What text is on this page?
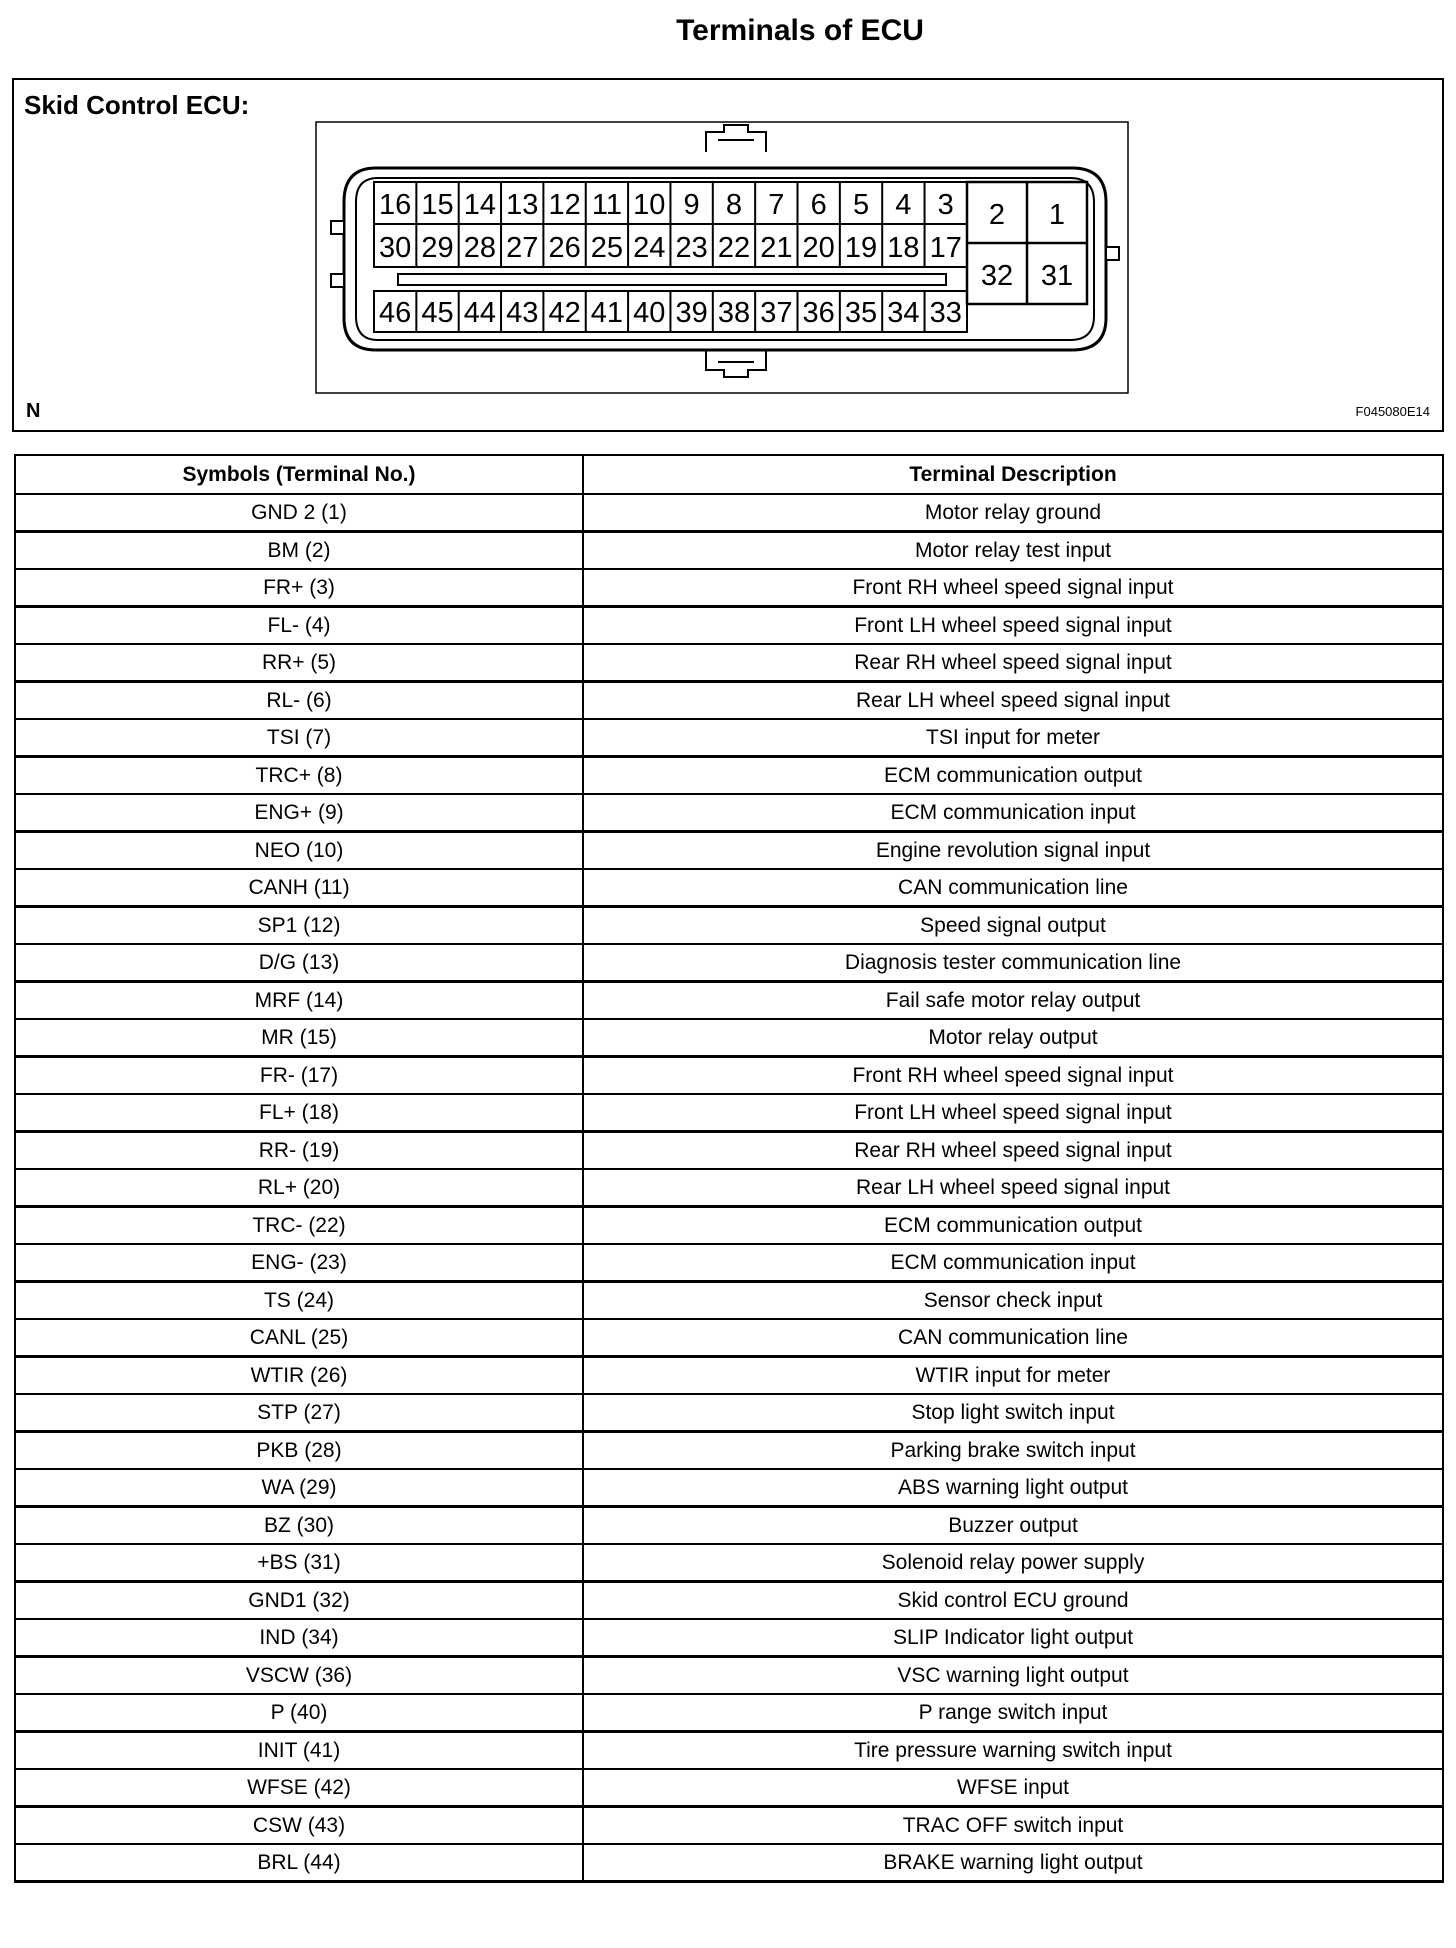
Terminals of ECU
Skid Control ECU:
16 15 14 13 12 11 10 9 8 7 6 5 4 3
30 29 28 27 26 25 24 23 22 21 20 19 18 17
46 45 44 43 42 41 40 39 38 37 36 35 34 33
2 1
32 31
N	F045080E14
Symbols (Terminal No.)	Terminal Description
GND 2 (1)	Motor relay ground
BM (2)	Motor relay test input
FR+ (3)	Front RH wheel speed signal input
FL- (4)	Front LH wheel speed signal input
RR+ (5)	Rear RH wheel speed signal input
RL- (6)	Rear LH wheel speed signal input
TSI (7)	TSI input for meter
TRC+ (8)	ECM communication output
ENG+ (9)	ECM communication input
NEO (10)	Engine revolution signal input
CANH (11)	CAN communication line
SP1 (12)	Speed signal output
D/G (13)	Diagnosis tester communication line
MRF (14)	Fail safe motor relay output
MR (15)	Motor relay output
FR- (17)	Front RH wheel speed signal input
FL+ (18)	Front LH wheel speed signal input
RR- (19)	Rear RH wheel speed signal input
RL+ (20)	Rear LH wheel speed signal input
TRC- (22)	ECM communication output
ENG- (23)	ECM communication input
TS (24)	Sensor check input
CANL (25)	CAN communication line
WTIR (26)	WTIR input for meter
STP (27)	Stop light switch input
PKB (28)	Parking brake switch input
WA (29)	ABS warning light output
BZ (30)	Buzzer output
+BS (31)	Solenoid relay power supply
GND1 (32)	Skid control ECU ground
IND (34)	SLIP Indicator light output
VSCW (36)	VSC warning light output
P (40)	P range switch input
INIT (41)	Tire pressure warning switch input
WFSE (42)	WFSE input
CSW (43)	TRAC OFF switch input
BRL (44)	BRAKE warning light output
